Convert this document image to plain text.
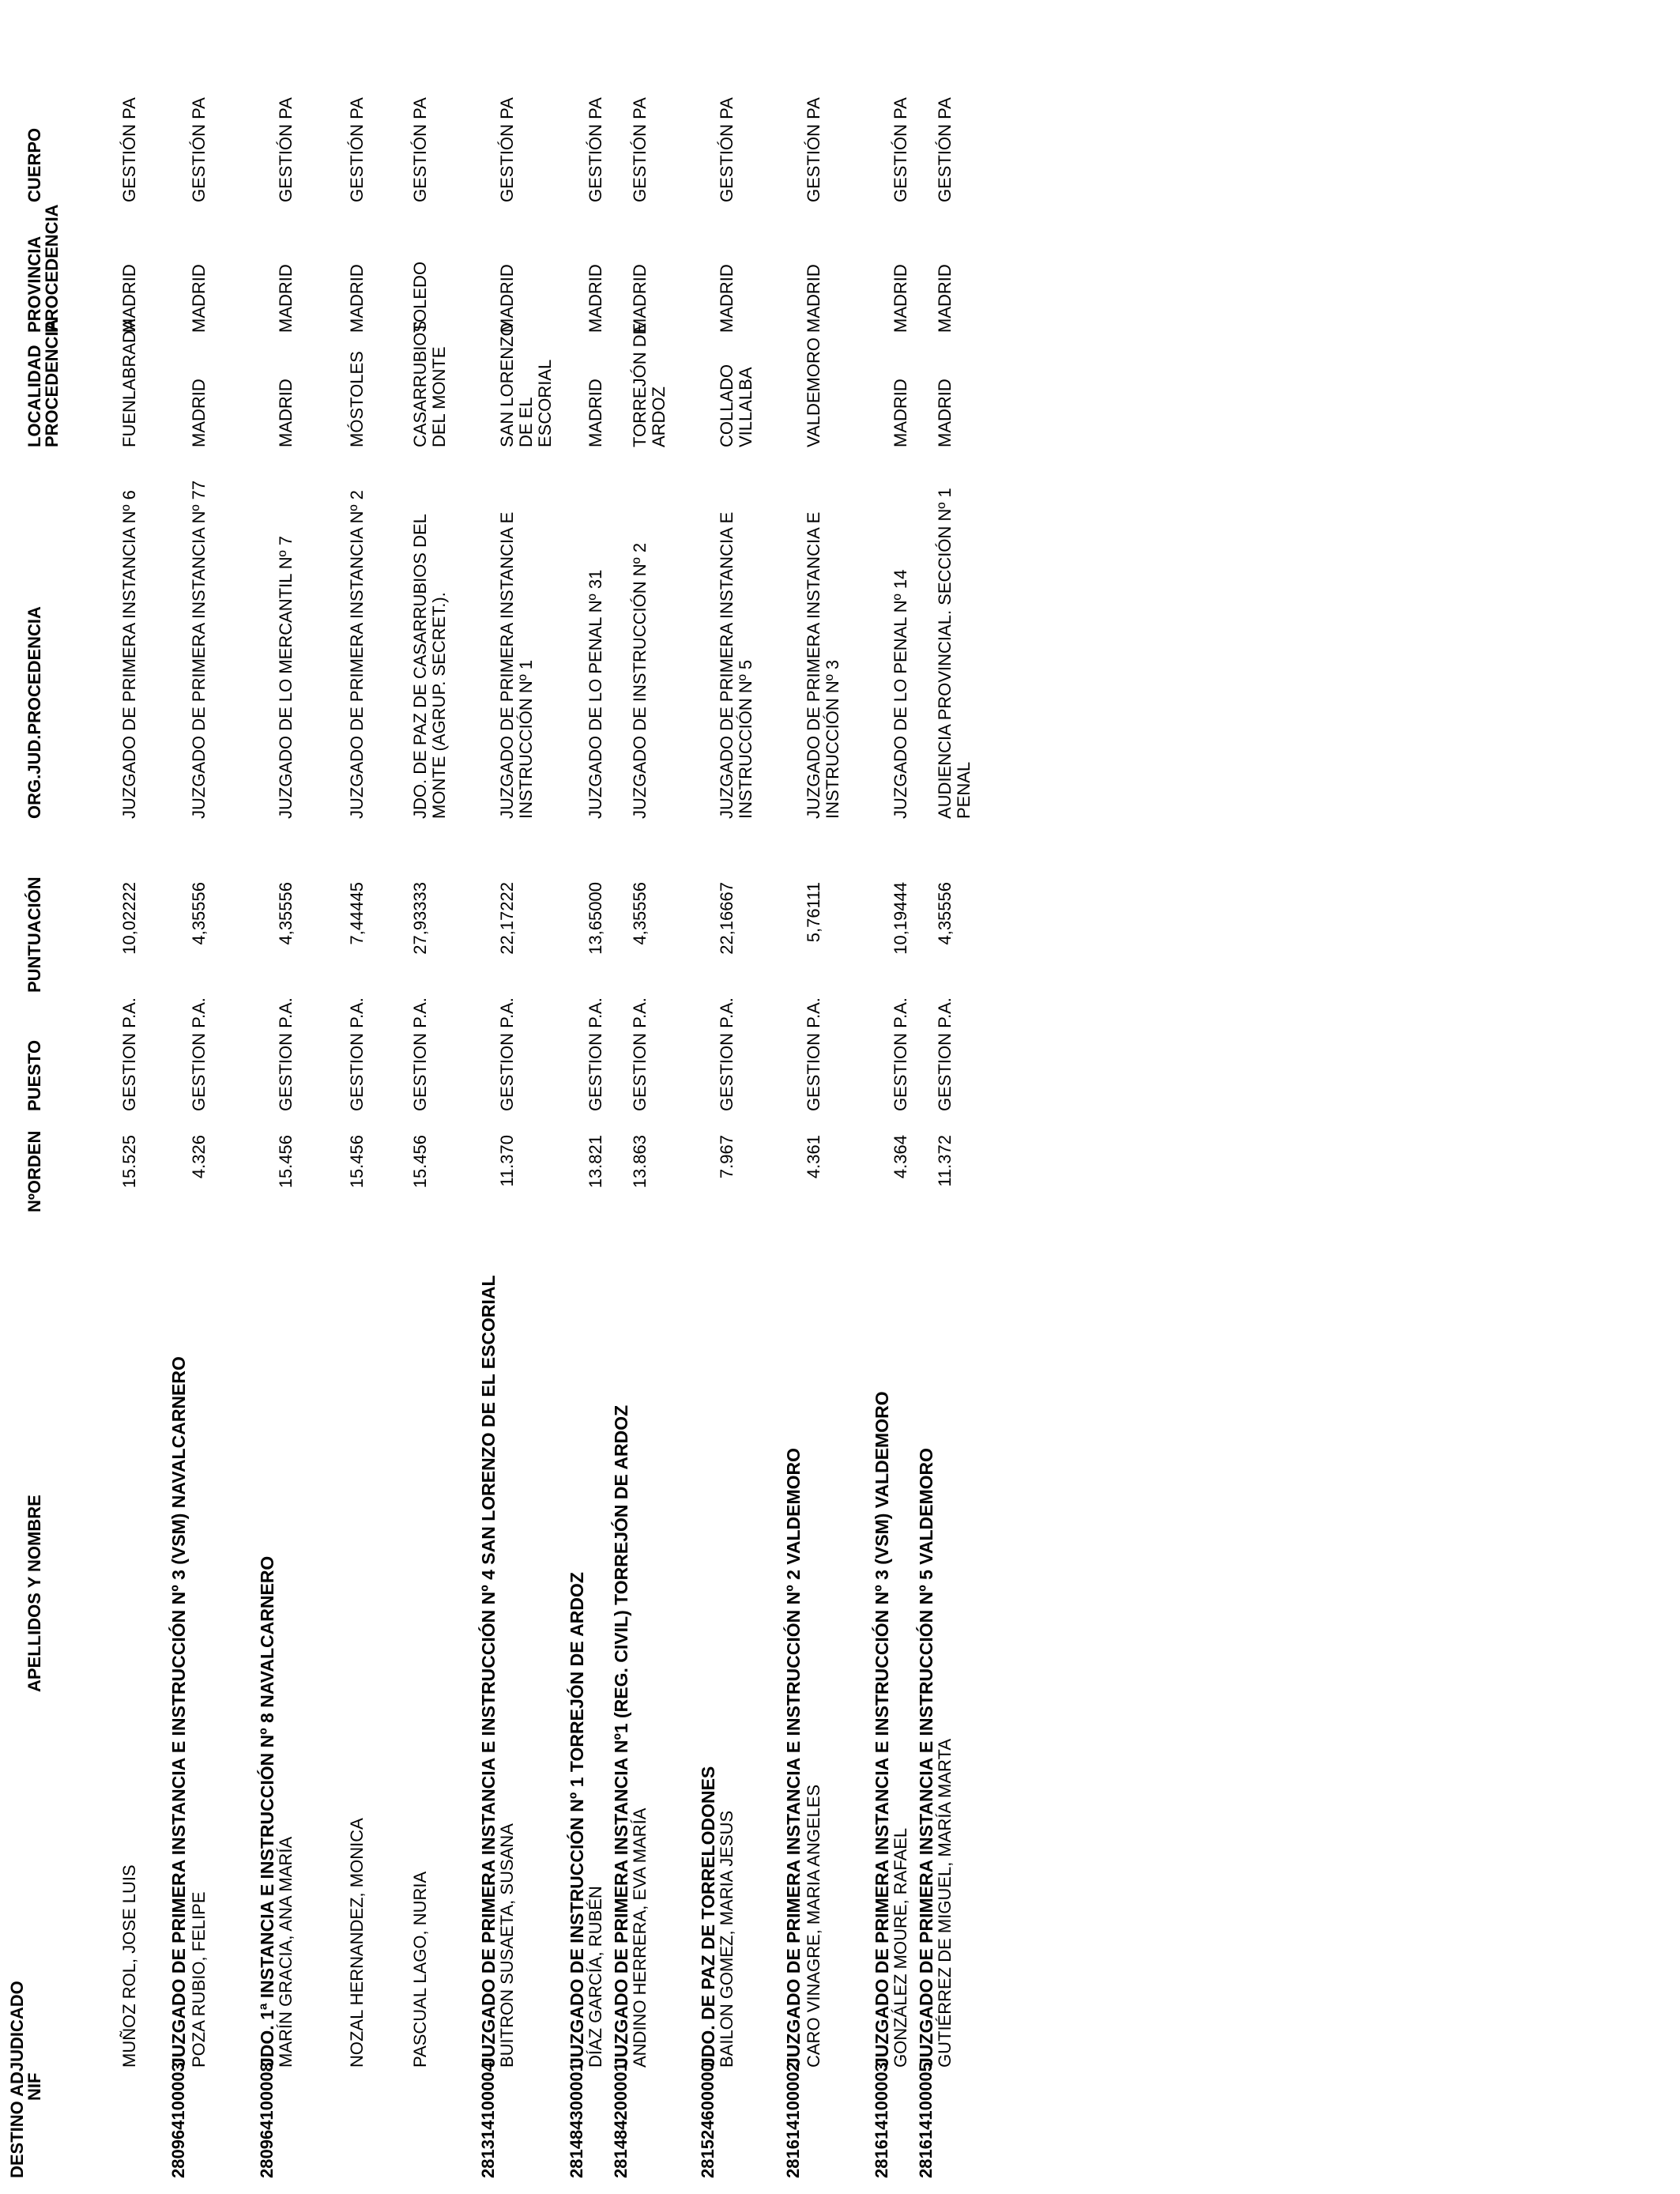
DESTINO ADJUDICADO
NIF
APELLIDOS Y NOMBRE
NºORDEN
PUESTO
PUNTUACIÓN
ORG.JUD.PROCEDENCIA
LOCALIDAD
PROCEDENCIA
PROVINCIA
PROCEDENCIA
CUERPO
280964100003
JUZGADO DE PRIMERA INSTANCIA E INSTRUCCIÓN Nº 3 (VSM) NAVALCARNERO
280964100008
JDO. 1ª INSTANCIA E INSTRUCCIÓN Nº 8 NAVALCARNERO
281314100004
JUZGADO DE PRIMERA INSTANCIA E INSTRUCCIÓN Nº 4 SAN LORENZO DE EL ESCORIAL
281484300001
JUZGADO DE INSTRUCCIÓN Nº 1 TORREJÓN DE ARDOZ
281484200001
JUZGADO DE PRIMERA INSTANCIA Nº1 (REG. CIVIL) TORREJÓN DE ARDOZ
281524600000
JDO. DE PAZ DE TORRELODONES
281614100002
JUZGADO DE PRIMERA INSTANCIA E INSTRUCCIÓN Nº 2 VALDEMORO
281614100003
JUZGADO DE PRIMERA INSTANCIA E INSTRUCCIÓN Nº 3 (VSM) VALDEMORO
281614100005
JUZGADO DE PRIMERA INSTANCIA E INSTRUCCIÓN Nº 5 VALDEMORO
MUÑOZ ROL, JOSE LUIS
15.525
GESTION P.A.
10,02222
JUZGADO DE PRIMERA INSTANCIA Nº 6
FUENLABRADA
MADRID
GESTIÓN PA
POZA RUBIO, FELIPE
4.326
GESTION P.A.
4,35556
JUZGADO DE PRIMERA INSTANCIA Nº 77
MADRID
MADRID
GESTIÓN PA
MARÍN GRACIA, ANA MARÍA
15.456
GESTION P.A.
4,35556
JUZGADO DE LO MERCANTIL Nº 7
MADRID
MADRID
GESTIÓN PA
NOZAL HERNANDEZ, MONICA
15.456
GESTION P.A.
7,44445
JUZGADO DE PRIMERA INSTANCIA Nº 2
MÓSTOLES
MADRID
GESTIÓN PA
PASCUAL LAGO, NURIA
15.456
GESTION P.A.
27,93333
JDO. DE PAZ DE CASARRUBIOS DEL MONTE (AGRUP. SECRET.).
CASARRUBIOS DEL MONTE
TOLEDO
GESTIÓN PA
BUITRON SUSAETA, SUSANA
11.370
GESTION P.A.
22,17222
JUZGADO DE PRIMERA INSTANCIA E INSTRUCCIÓN Nº 1
SAN LORENZO DE EL ESCORIAL
MADRID
GESTIÓN PA
DÍAZ GARCÍA, RUBÉN
13.821
GESTION P.A.
13,65000
JUZGADO DE LO PENAL Nº 31
MADRID
MADRID
GESTIÓN PA
ANDINO HERRERA, EVA MARÍA
13.863
GESTION P.A.
4,35556
JUZGADO DE INSTRUCCIÓN Nº 2
TORREJÓN DE ARDOZ
MADRID
GESTIÓN PA
BAILON GOMEZ, MARIA JESUS
7.967
GESTION P.A.
22,16667
JUZGADO DE PRIMERA INSTANCIA E INSTRUCCIÓN Nº 5
COLLADO VILLALBA
MADRID
GESTIÓN PA
CARO VINAGRE, MARIA ANGELES
4.361
GESTION P.A.
5,76111
JUZGADO DE PRIMERA INSTANCIA E INSTRUCCIÓN Nº 3
VALDEMORO
MADRID
GESTIÓN PA
GONZÁLEZ MOURE, RAFAEL
4.364
GESTION P.A.
10,19444
JUZGADO DE LO PENAL Nº 14
MADRID
MADRID
GESTIÓN PA
GUTIÉRREZ DE MIGUEL, MARÍA MARTA
11.372
GESTION P.A.
4,35556
AUDIENCIA PROVINCIAL. SECCIÓN Nº 1 PENAL
MADRID
MADRID
GESTIÓN PA
